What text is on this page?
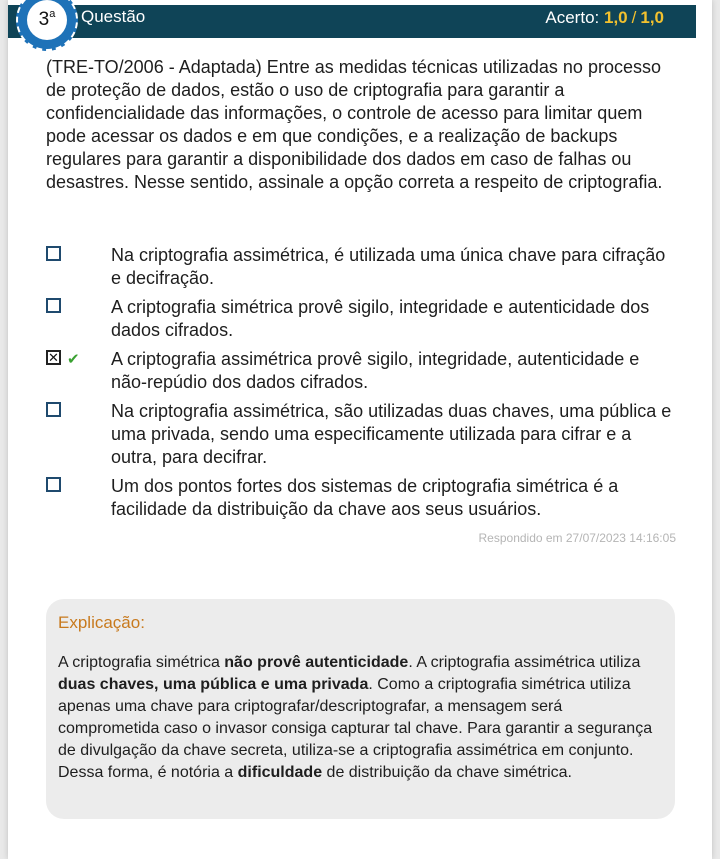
3$^a$	Questão	Acerto: 1,0 / 1,0
(TRE-TO/2006 - Adaptada) Entre as medidas técnicas utilizadas no processo de proteção de dados, estão o uso de criptografia para garantir a confidencialidade das informações, o controle de acesso para limitar quem pode acessar os dados e em que condições, e a realização de backups regulares para garantir a disponibilidade dos dados em caso de falhas ou desastres. Nesse sentido, assinale a opção correta a respeito de criptografia.
Na criptografia assimétrica, é utilizada uma única chave para cifração e decifração.
A criptografia simétrica provê sigilo, integridade e autenticidade dos dados cifrados.
✕ ✔ A criptografia assimétrica provê sigilo, integridade, autenticidade e não-repúdio dos dados cifrados.
Na criptografia assimétrica, são utilizadas duas chaves, uma pública e uma privada, sendo uma especificamente utilizada para cifrar e a outra, para decifrar.
Um dos pontos fortes dos sistemas de criptografia simétrica é a facilidade da distribuição da chave aos seus usuários.
Respondido em 27/07/2023 14:16:05
Explicação:
A criptografia simétrica não provê autenticidade. A criptografia assimétrica utiliza duas chaves, uma pública e uma privada. Como a criptografia simétrica utiliza apenas uma chave para criptografar/descriptografar, a mensagem será comprometida caso o invasor consiga capturar tal chave. Para garantir a segurança de divulgação da chave secreta, utiliza-se a criptografia assimétrica em conjunto. Dessa forma, é notória a dificuldade de distribuição da chave simétrica.
